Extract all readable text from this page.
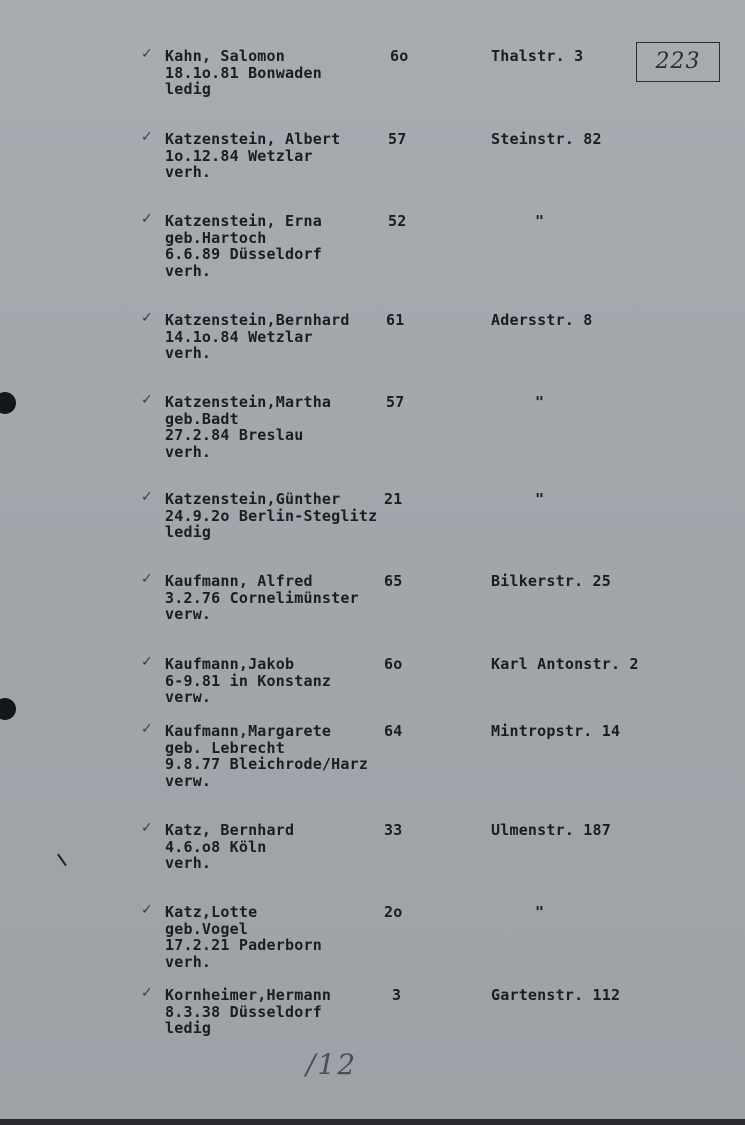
223
✓ Kahn, Salomon
18.1o.81 Bonwaden
ledig
6o	Thalstr. 3
✓ Katzenstein, Albert
1o.12.84 Wetzlar
verh.
57	Steinstr. 82
✓ Katzenstein, Erna
geb.Hartoch
6.6.89 Düsseldorf
verh.
52	"
✓ Katzenstein,Bernhard
14.1o.84 Wetzlar
verh.
61	Adersstr. 8
✓ Katzenstein,Martha
geb.Badt
27.2.84 Breslau
verh.
57	"
✓ Katzenstein,Günther
24.9.2o Berlin-Steglitz
ledig
21	"
✓ Kaufmann, Alfred
3.2.76 Cornelimünster
verw.
65	Bilkerstr. 25
✓ Kaufmann,Jakob
6-9.81 in Konstanz
verw.
6o	Karl Antonstr. 2
✓ Kaufmann,Margarete
geb. Lebrecht
9.8.77 Bleichrode/Harz
verw.
64	Mintropstr. 14
✓ Katz, Bernhard
4.6.o8 Köln
verh.
33	Ulmenstr. 187
✓ Katz,Lotte
geb.Vogel
17.2.21 Paderborn
verh.
2o	"
✓ Kornheimer,Hermann
8.3.38 Düsseldorf
ledig
3	Gartenstr. 112
/12
